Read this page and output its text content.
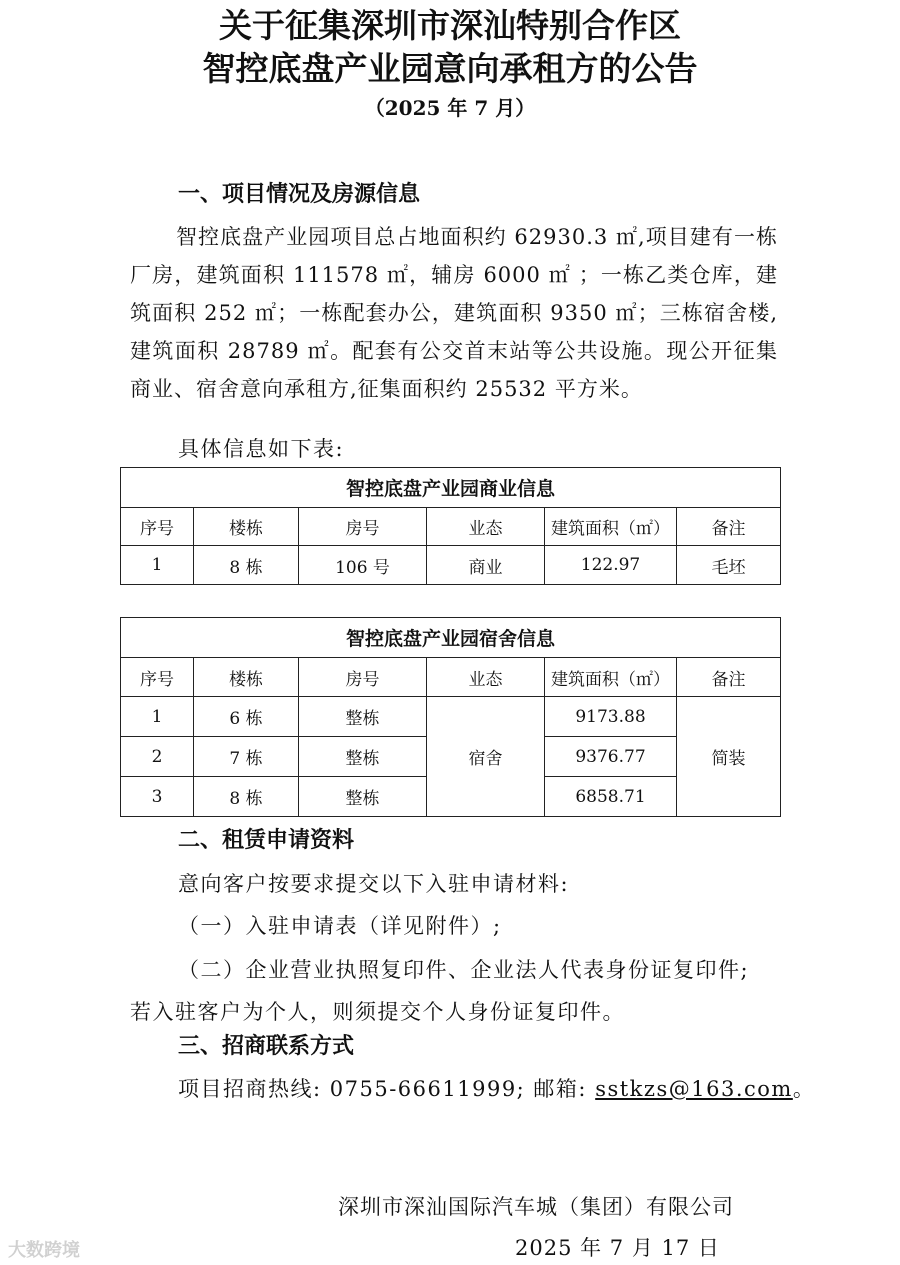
关于征集深圳市深汕特别合作区
智控底盘产业园意向承租方的公告
（2025 年 7 月）
一、项目情况及房源信息

智控底盘产业园项目总占地面积约 62930.3 ㎡,项目建有一栋厂房，建筑面积 111578 ㎡，辅房 6000 ㎡ ；一栋乙类仓库，建筑面积 252 ㎡；一栋配套办公，建筑面积 9350 ㎡；三栋宿舍楼,建筑面积 28789 ㎡。配套有公交首末站等公共设施。现公开征集商业、宿舍意向承租方,征集面积约 25532 平方米。

具体信息如下表:

智控底盘产业园商业信息					
序号	楼栋	房号	业态	建筑面积（㎡）	备注
1	8 栋	106 号	商业	122.97	毛坯
智控底盘产业园宿舍信息					
序号	楼栋	房号	业态	建筑面积（㎡）	备注
1	6 栋	整栋	宿舍	9173.88	简装
2	7 栋	整栋		9376.77	
3	8 栋	整栋		6858.71	
二、租赁申请资料

意向客户按要求提交以下入驻申请材料:

（一）入驻申请表（详见附件）;

（二）企业营业执照复印件、企业法人代表身份证复印件;

若入驻客户为个人，则须提交个人身份证复印件。

三、招商联系方式

项目招商热线: 0755-66611999; 邮箱: sstkzs@163.com。

深圳市深汕国际汽车城（集团）有限公司

2025 年 7 月 17 日

大数跨境
